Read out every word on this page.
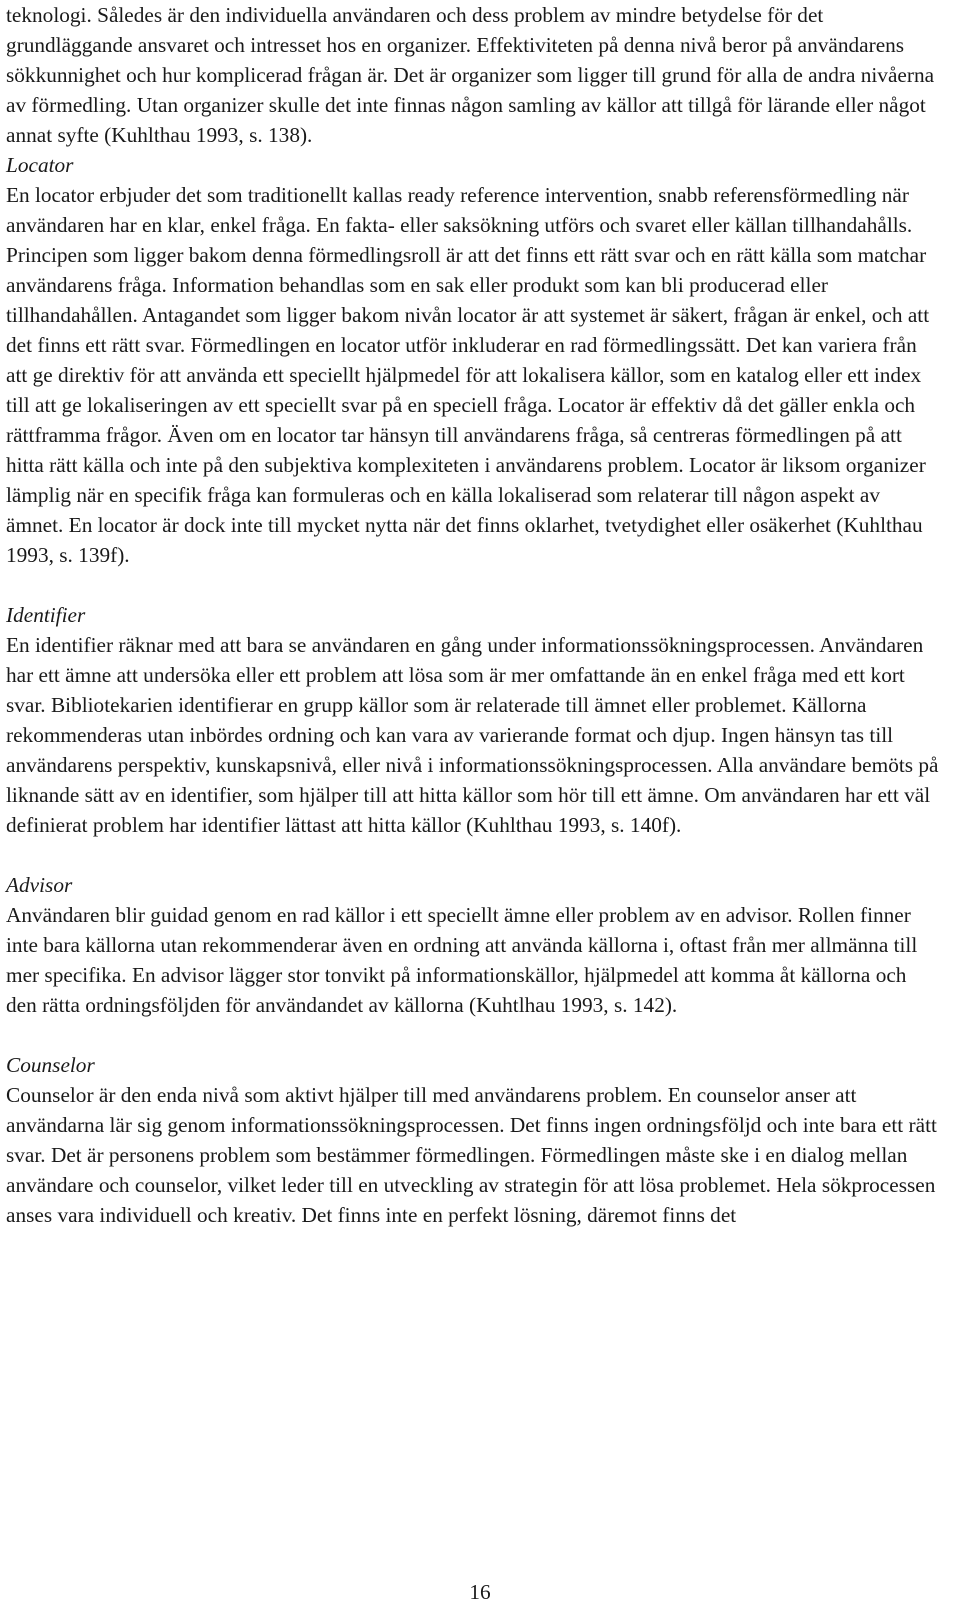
teknologi. Således är den individuella användaren och dess problem av mindre betydelse för det grundläggande ansvaret och intresset hos en organizer. Effektiviteten på denna nivå beror på användarens sökkunnighet och hur komplicerad frågan är. Det är organizer som ligger till grund för alla de andra nivåerna av förmedling. Utan organizer skulle det inte finnas någon samling av källor att tillgå för lärande eller något annat syfte (Kuhlthau 1993, s. 138).

Locator

En locator erbjuder det som traditionellt kallas ready reference intervention, snabb referensförmedling när användaren har en klar, enkel fråga. En fakta- eller saksökning utförs och svaret eller källan tillhandahålls. Principen som ligger bakom denna förmedlingsroll är att det finns ett rätt svar och en rätt källa som matchar användarens fråga. Information behandlas som en sak eller produkt som kan bli producerad eller tillhandahållen. Antagandet som ligger bakom nivån locator är att systemet är säkert, frågan är enkel, och att det finns ett rätt svar. Förmedlingen en locator utför inkluderar en rad förmedlingssätt. Det kan variera från att ge direktiv för att använda ett speciellt hjälpmedel för att lokalisera källor, som en katalog eller ett index till att ge lokaliseringen av ett speciellt svar på en speciell fråga. Locator är effektiv då det gäller enkla och rättframma frågor. Även om en locator tar hänsyn till användarens fråga, så centreras förmedlingen på att hitta rätt källa och inte på den subjektiva komplexiteten i användarens problem. Locator är liksom organizer lämplig när en specifik fråga kan formuleras och en källa lokaliserad som relaterar till någon aspekt av ämnet. En locator är dock inte till mycket nytta när det finns oklarhet, tvetydighet eller osäkerhet (Kuhlthau 1993, s. 139f).

Identifier

En identifier räknar med att bara se användaren en gång under informationssökningsprocessen. Användaren har ett ämne att undersöka eller ett problem att lösa som är mer omfattande än en enkel fråga med ett kort svar. Bibliotekarien identifierar en grupp källor som är relaterade till ämnet eller problemet. Källorna rekommenderas utan inbördes ordning och kan vara av varierande format och djup. Ingen hänsyn tas till användarens perspektiv, kunskapsnivå, eller nivå i informationssökningsprocessen. Alla användare bemöts på liknande sätt av en identifier, som hjälper till att hitta källor som hör till ett ämne. Om användaren har ett väl definierat problem har identifier lättast att hitta källor (Kuhlthau 1993, s. 140f).

Advisor

Användaren blir guidad genom en rad källor i ett speciellt ämne eller problem av en advisor. Rollen finner inte bara källorna utan rekommenderar även en ordning att använda källorna i, oftast från mer allmänna till mer specifika. En advisor lägger stor tonvikt på informationskällor, hjälpmedel att komma åt källorna och den rätta ordningsföljden för användandet av källorna (Kuhtlhau 1993, s. 142).

Counselor

Counselor är den enda nivå som aktivt hjälper till med användarens problem. En counselor anser att användarna lär sig genom informationssökningsprocessen. Det finns ingen ordningsföljd och inte bara ett rätt svar. Det är personens problem som bestämmer förmedlingen. Förmedlingen måste ske i en dialog mellan användare och counselor, vilket leder till en utveckling av strategin för att lösa problemet. Hela sökprocessen anses vara individuell och kreativ. Det finns inte en perfekt lösning, däremot finns det

16
